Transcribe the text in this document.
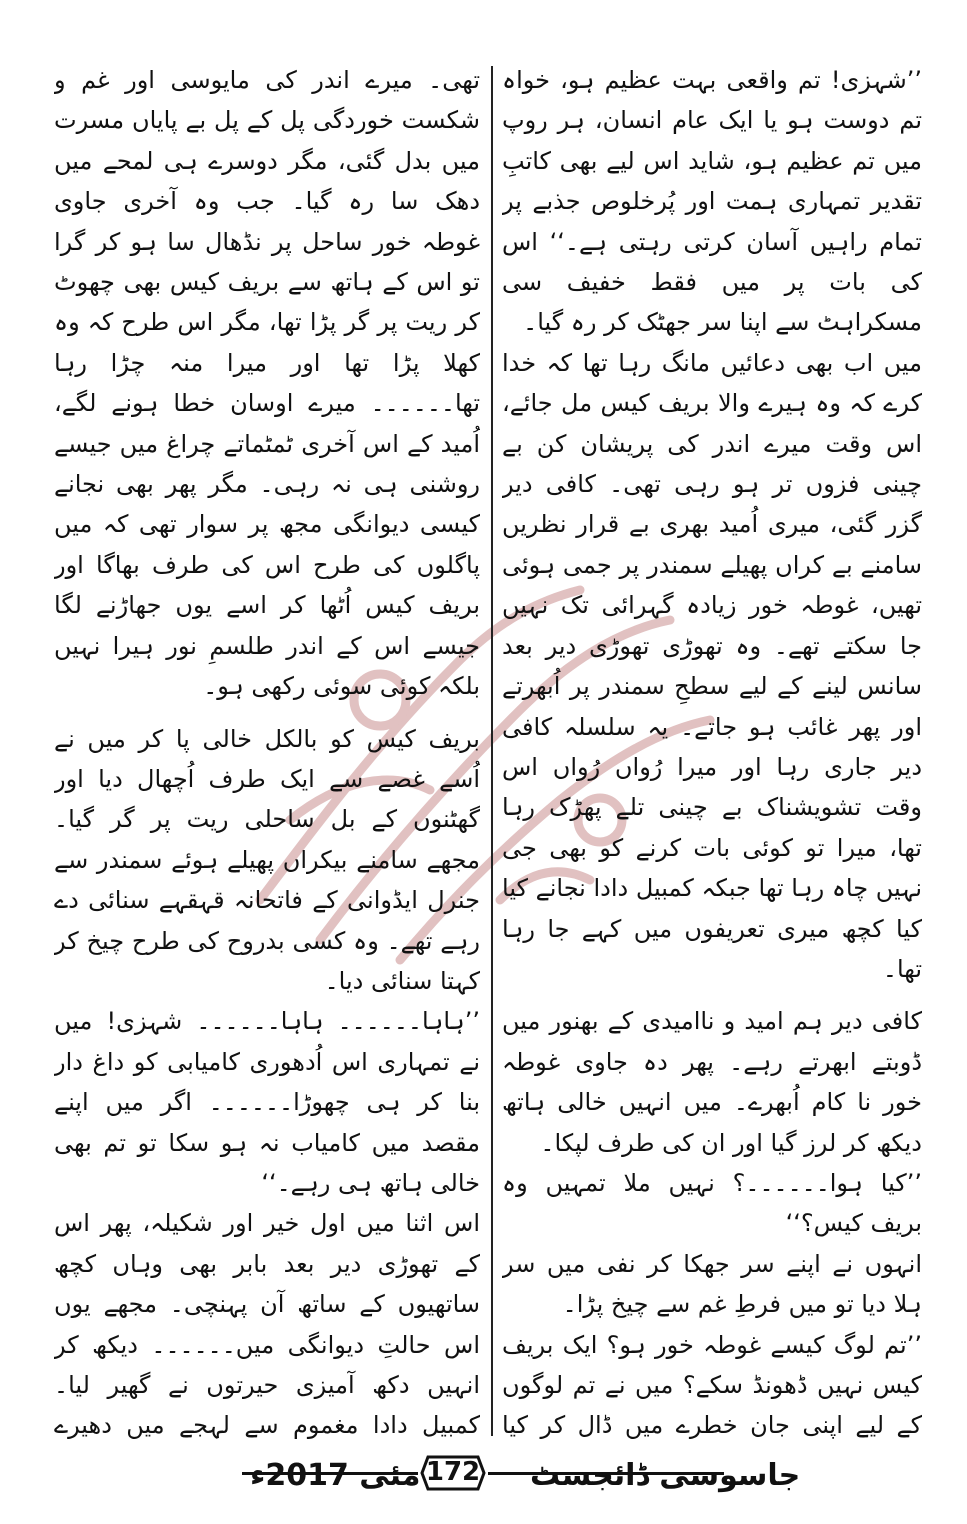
’’شہزی! تم واقعی بہت عظیم ہو، خواہ تم دوست ہو یا ایک عام انسان، ہر روپ میں تم عظیم ہو، شاید اس لیے بھی کاتبِ تقدیر تمہاری ہمت اور پُرخلوص جذبے پر تمام راہیں آسان کرتی رہتی ہے۔‘‘ اس کی بات پر میں فقط خفیف سی مسکراہٹ سے اپنا سر جھٹک کر رہ گیا۔

میں اب بھی دعائیں مانگ رہا تھا کہ خدا کرے کہ وہ ہیرے والا بریف کیس مل جائے، اس وقت میرے اندر کی پریشان کن بے چینی فزوں تر ہو رہی تھی۔ کافی دیر گزر گئی، میری اُمید بھری بے قرار نظریں سامنے بے کراں پھیلے سمندر پر جمی ہوئی تھیں، غوطہ خور زیادہ گہرائی تک نہیں جا سکتے تھے۔ وہ تھوڑی تھوڑی دیر بعد سانس لینے کے لیے سطحِ سمندر پر اُبھرتے اور پھر غائب ہو جاتے۔ یہ سلسلہ کافی دیر جاری رہا اور میرا رُواں رُواں اس وقت تشویشناک بے چینی تلے پھڑک رہا تھا، میرا تو کوئی بات کرنے کو بھی جی نہیں چاہ رہا تھا جبکہ کمبیل دادا نجانے کیا کیا کچھ میری تعریفوں میں کہے جا رہا تھا۔

کافی دیر ہم امید و ناامیدی کے بھنور میں ڈوبتے ابھرتے رہے۔ پھر دہ جاوی غوطہ خور نا کام اُبھرے۔ میں انہیں خالی ہاتھ دیکھ کر لرز گیا اور ان کی طرف لپکا۔

’’کیا ہوا۔۔۔۔۔۔؟ نہیں ملا تمہیں وہ بریف کیس؟‘‘

انہوں نے اپنے سر جھکا کر نفی میں سر ہلا دیا تو میں فرطِ غم سے چیخ پڑا۔

’’تم لوگ کیسے غوطہ خور ہو؟ ایک بریف کیس نہیں ڈھونڈ سکے؟ میں نے تم لوگوں کے لیے اپنی جان خطرے میں ڈال کر کیا

تھی۔ میرے اندر کی مایوسی اور غم و شکست خوردگی پل کے پل بے پایاں مسرت میں بدل گئی، مگر دوسرے ہی لمحے میں دھک سا رہ گیا۔ جب وہ آخری جاوی غوطہ خور ساحل پر نڈھال سا ہو کر گرا تو اس کے ہاتھ سے بریف کیس بھی چھوٹ کر ریت پر گر پڑا تھا، مگر اس طرح کہ وہ کھلا پڑا تھا اور میرا منہ چڑا رہا تھا۔۔۔۔۔۔ میرے اوسان خطا ہونے لگے، اُمید کے اس آخری ٹمٹماتے چراغ میں جیسے روشنی ہی نہ رہی۔ مگر پھر بھی نجانے کیسی دیوانگی مجھ پر سوار تھی کہ میں پاگلوں کی طرح اس کی طرف بھاگا اور بریف کیس اُٹھا کر اسے یوں جھاڑنے لگا جیسے اس کے اندر طلسمِ نور ہیرا نہیں بلکہ کوئی سوئی رکھی ہو۔

بریف کیس کو بالکل خالی پا کر میں نے اُسے غصے سے ایک طرف اُچھال دیا اور گھٹنوں کے بل ساحلی ریت پر گر گیا۔ مجھے سامنے بیکراں پھیلے ہوئے سمندر سے جنرل ایڈوانی کے فاتحانہ قہقہے سنائی دے رہے تھے۔ وہ کسی بدروح کی طرح چیخ کر کہتا سنائی دیا۔

’’ہاہا۔۔۔۔۔۔ ہاہا۔۔۔۔۔۔ شہزی! میں نے تمہاری اس اُدھوری کامیابی کو داغ دار بنا کر ہی چھوڑا۔۔۔۔۔۔ اگر میں اپنے مقصد میں کامیاب نہ ہو سکا تو تم بھی خالی ہاتھ ہی رہے۔‘‘

اس اثنا میں اول خیر اور شکیلہ، پھر اس کے تھوڑی دیر بعد بابر بھی وہاں کچھ ساتھیوں کے ساتھ آن پہنچی۔ مجھے یوں اس حالتِ دیوانگی میں۔۔۔۔۔۔ دیکھ کر انہیں دکھ آمیزی حیرتوں نے گھیر لیا۔ کمبیل دادا مغموم سے لہجے میں دھیرے

جاسوسی ڈائجسٹ
172
مئی 2017ء
